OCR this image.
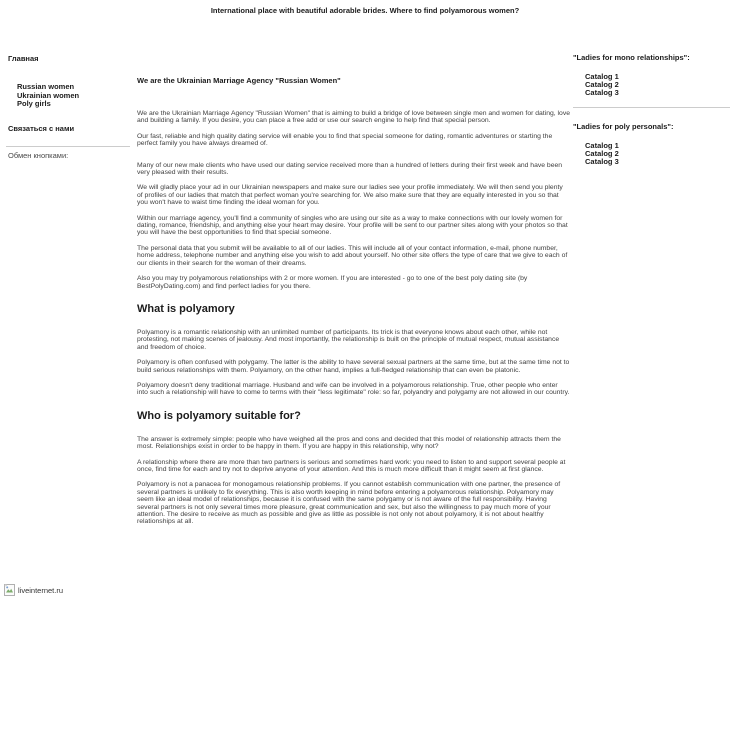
International place with beautiful adorable brides. Where to find polyamorous women?
Главная
Russian women
Ukrainian women
Poly girls
Связаться с нами
Обмен кнопками:
We are the Ukrainian Marriage Agency "Russian Women"

We are the Ukrainian Marriage Agency "Russian Women" that is aiming to build a bridge of love between single men and women for dating, love and building a family. If you desire, you can place a free add or use our search engine to help find that special person.

Our fast, reliable and high quality dating service will enable you to find that special someone for dating, romantic adventures or starting the perfect family you have always dreamed of.

Many of our new male clients who have used our dating service received more than a hundred of letters during their first week and have been very pleased with their results.

We will gladly place your ad in our Ukrainian newspapers and make sure our ladies see your profile immediately. We will then send you plenty of profiles of our ladies that match that perfect woman you're searching for. We also make sure that they are equally interested in you so that you won't have to waist time finding the ideal woman for you.

Within our marriage agency, you'll find a community of singles who are using our site as a way to make connections with our lovely women for dating, romance, friendship, and anything else your heart may desire. Your profile will be sent to our partner sites along with your photos so that you will have the best opportunities to find that special someone.

The personal data that you submit will be available to all of our ladies. This will include all of your contact information, e-mail, phone number, home address, telephone number and anything else you wish to add about yourself. No other site offers the type of care that we give to each of our clients in their search for the woman of their dreams.

Also you may try polyamorous relationships with 2 or more women. If you are interested - go to one of the best poly dating site (by BestPolyDating.com) and find perfect ladies for you there.

What is polyamory

Polyamory is a romantic relationship with an unlimited number of participants. Its trick is that everyone knows about each other, while not protesting, not making scenes of jealousy. And most importantly, the relationship is built on the principle of mutual respect, mutual assistance and freedom of choice.

Polyamory is often confused with polygamy. The latter is the ability to have several sexual partners at the same time, but at the same time not to build serious relationships with them. Polyamory, on the other hand, implies a full-fledged relationship that can even be platonic.

Polyamory doesn't deny traditional marriage. Husband and wife can be involved in a polyamorous relationship. True, other people who enter into such a relationship will have to come to terms with their "less legitimate" role: so far, polyandry and polygamy are not allowed in our country.

Who is polyamory suitable for?

The answer is extremely simple: people who have weighed all the pros and cons and decided that this model of relationship attracts them the most. Relationships exist in order to be happy in them. If you are happy in this relationship, why not?

A relationship where there are more than two partners is serious and sometimes hard work: you need to listen to and support several people at once, find time for each and try not to deprive anyone of your attention. And this is much more difficult than it might seem at first glance.

Polyamory is not a panacea for monogamous relationship problems. If you cannot establish communication with one partner, the presence of several partners is unlikely to fix everything. This is also worth keeping in mind before entering a polyamorous relationship. Polyamory may seem like an ideal model of relationships, because it is confused with the same polygamy or is not aware of the full responsibility. Having several partners is not only several times more pleasure, great communication and sex, but also the willingness to pay much more of your attention. The desire to receive as much as possible and give as little as possible is not only not about polyamory, it is not about healthy relationships at all.

"Ladies for mono relationships":
Catalog 1
Catalog 2
Catalog 3
"Ladies for poly personals":
Catalog 1
Catalog 2
Catalog 3
liveinternet.ru
